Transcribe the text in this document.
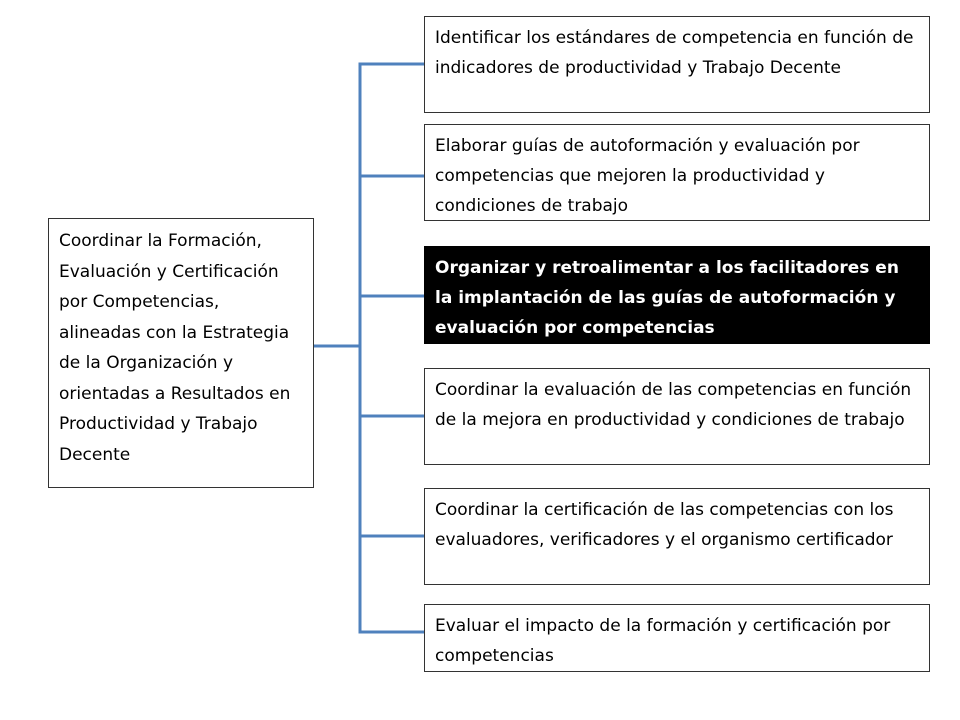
Coordinar la Formación, Evaluación y Certificación por Competencias, alineadas con la Estrategia de la Organización y orientadas a Resultados en Productividad y Trabajo Decente
Identificar los estándares de competencia en función de indicadores de productividad y Trabajo Decente
Elaborar guías de autoformación y evaluación por competencias que mejoren la productividad y condiciones de trabajo
Organizar y retroalimentar a los facilitadores en la implantación de las guías de autoformación y evaluación por competencias
Coordinar la evaluación de las competencias en función de la mejora en productividad y condiciones de trabajo
Coordinar la certificación de las competencias con los evaluadores, verificadores y el organismo certificador
Evaluar el impacto de la formación y certificación por competencias
